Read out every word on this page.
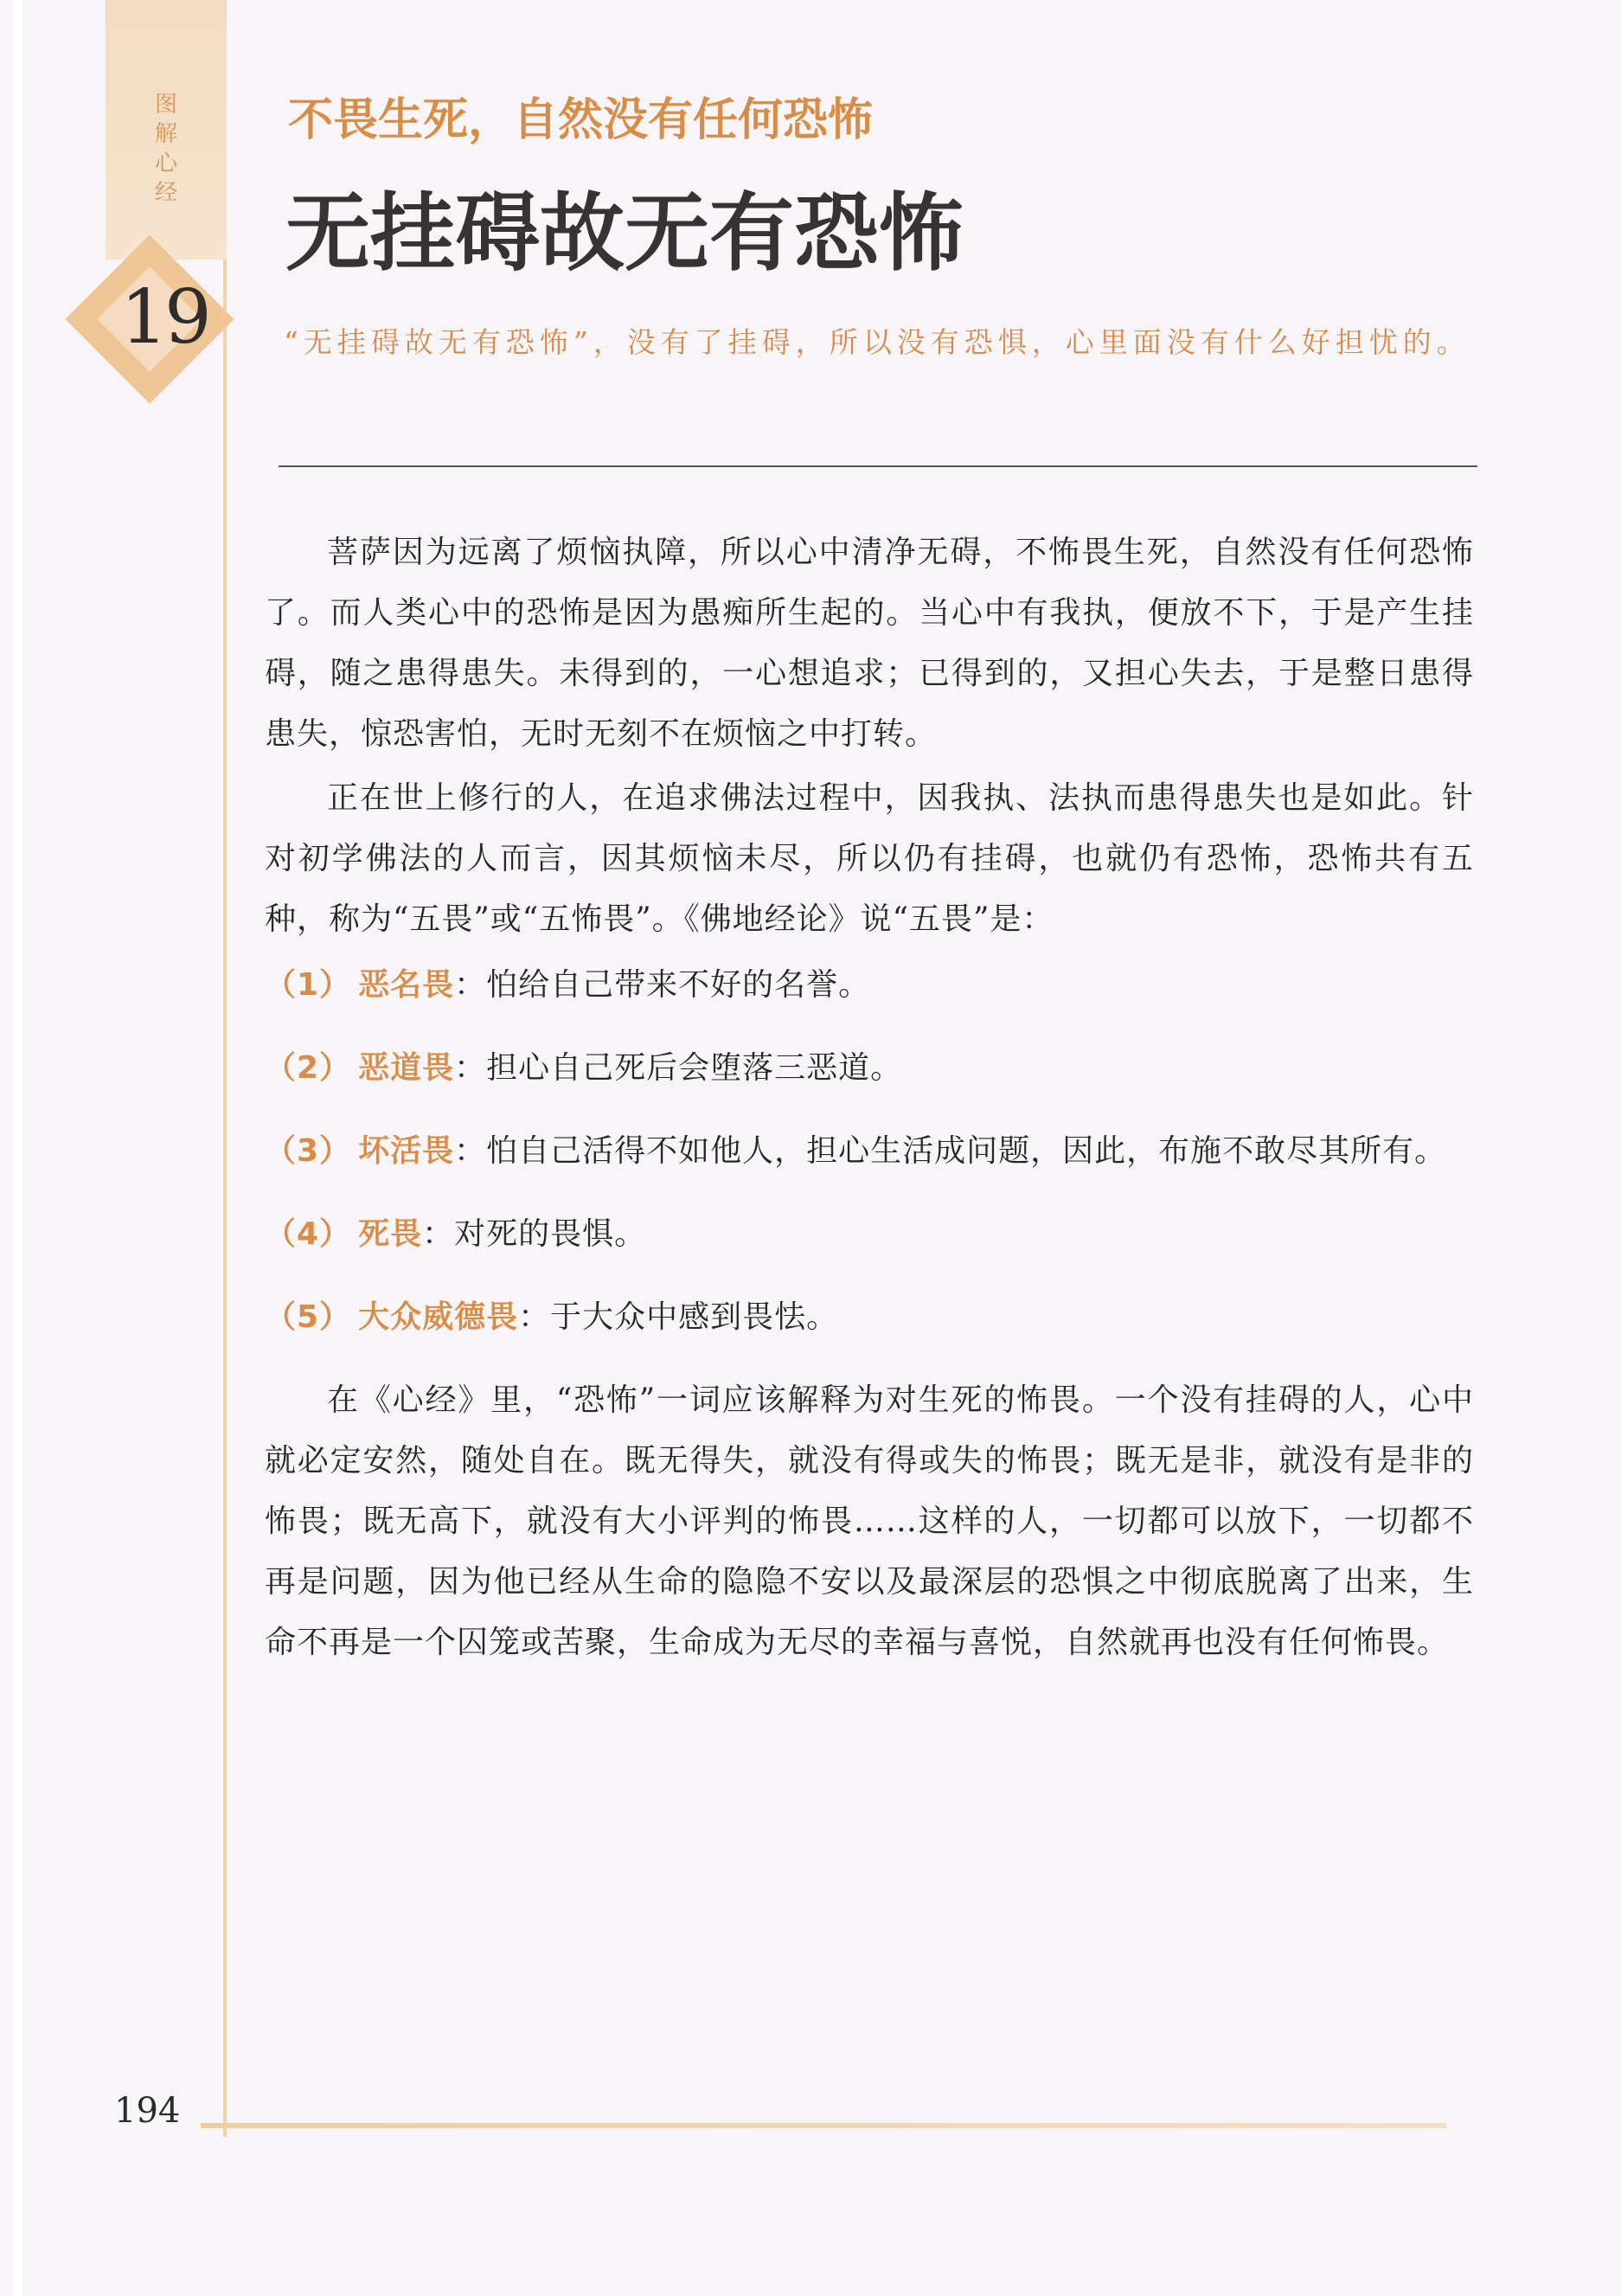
图
解
心
经
19
不畏生死，自然没有任何恐怖
无挂碍故无有恐怖
“无挂碍故无有恐怖”，没有了挂碍，所以没有恐惧，心里面没有什么好担忧的。

菩萨因为远离了烦恼执障，所以心中清净无碍，不怖畏生死，自然没有任何恐怖了。而人类心中的恐怖是因为愚痴所生起的。当心中有我执，便放不下，于是产生挂碍，随之患得患失。未得到的，一心想追求；已得到的，又担心失去，于是整日患得患失，惊恐害怕，无时无刻不在烦恼之中打转。

正在世上修行的人，在追求佛法过程中，因我执、法执而患得患失也是如此。针对初学佛法的人而言，因其烦恼未尽，所以仍有挂碍，也就仍有恐怖，恐怖共有五种，称为“五畏”或“五怖畏”。《佛地经论》说“五畏”是：

（1） 恶名畏：怕给自己带来不好的名誉。
（2） 恶道畏：担心自己死后会堕落三恶道。
（3） 坏活畏：怕自己活得不如他人，担心生活成问题，因此，布施不敢尽其所有。
（4） 死畏：对死的畏惧。
（5） 大众威德畏：于大众中感到畏怯。

在《心经》里，“恐怖”一词应该解释为对生死的怖畏。一个没有挂碍的人，心中就必定安然，随处自在。既无得失，就没有得或失的怖畏；既无是非，就没有是非的怖畏；既无高下，就没有大小评判的怖畏……这样的人，一切都可以放下，一切都不再是问题，因为他已经从生命的隐隐不安以及最深层的恐惧之中彻底脱离了出来，生命不再是一个囚笼或苦聚，生命成为无尽的幸福与喜悦，自然就再也没有任何怖畏。

194
